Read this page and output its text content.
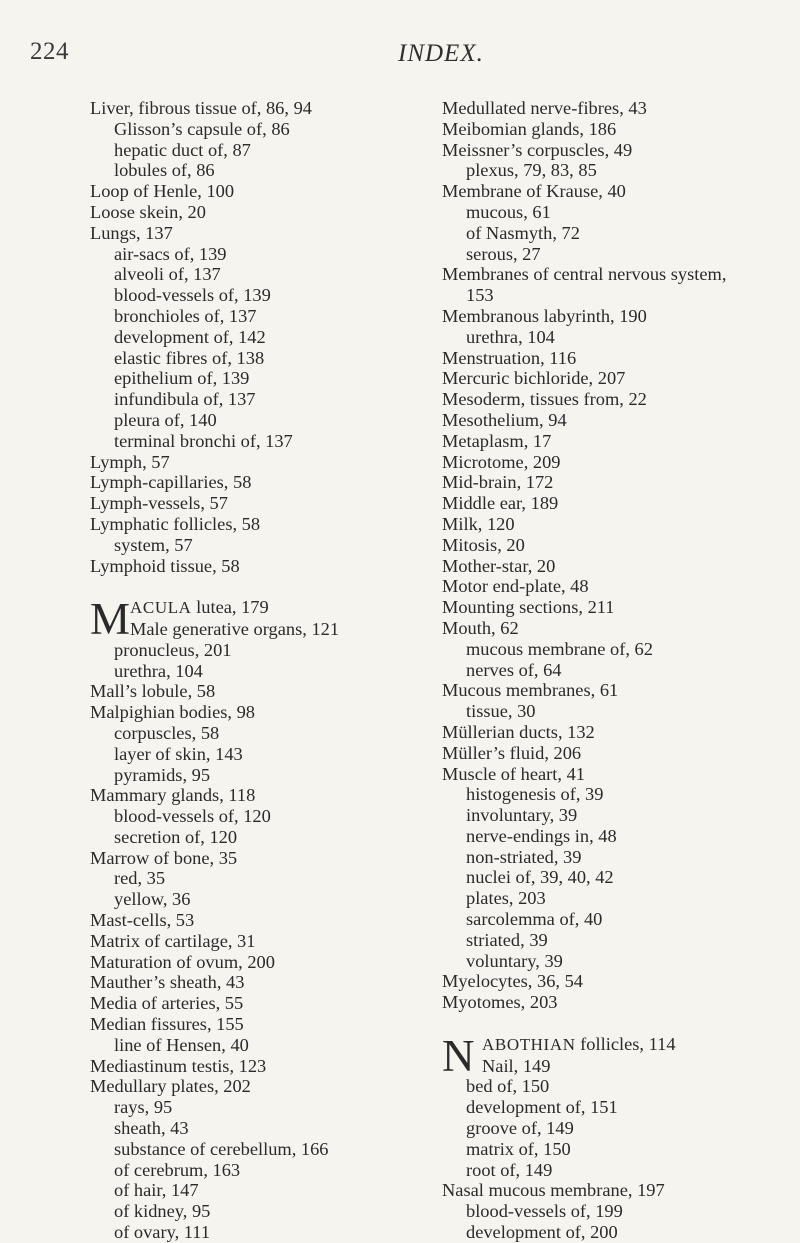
224	INDEX.
Liver, fibrous tissue of, 86, 94
Glisson’s capsule of, 86
hepatic duct of, 87
lobules of, 86
Loop of Henle, 100
Loose skein, 20
Lungs, 137
air-sacs of, 139
alveoli of, 137
blood-vessels of, 139
bronchioles of, 137
development of, 142
elastic fibres of, 138
epithelium of, 139
infundibula of, 137
pleura of, 140
terminal bronchi of, 137
Lymph, 57
Lymph-capillaries, 58
Lymph-vessels, 57
Lymphatic follicles, 58
system, 57
Lymphoid tissue, 58
M ACULA lutea, 179
Male generative organs, 121
pronucleus, 201
urethra, 104
Mall’s lobule, 58
Malpighian bodies, 98
corpuscles, 58
layer of skin, 143
pyramids, 95
Mammary glands, 118
blood-vessels of, 120
secretion of, 120
Marrow of bone, 35
red, 35
yellow, 36
Mast-cells, 53
Matrix of cartilage, 31
Maturation of ovum, 200
Mauther’s sheath, 43
Media of arteries, 55
Median fissures, 155
line of Hensen, 40
Mediastinum testis, 123
Medullary plates, 202
rays, 95
sheath, 43
substance of cerebellum, 166
of cerebrum, 163
of hair, 147
of kidney, 95
of ovary, 111
Medullated nerve-fibres, 43
Meibomian glands, 186
Meissner’s corpuscles, 49
plexus, 79, 83, 85
Membrane of Krause, 40
mucous, 61
of Nasmyth, 72
serous, 27
Membranes of central nervous system,
153
Membranous labyrinth, 190
urethra, 104
Menstruation, 116
Mercuric bichloride, 207
Mesoderm, tissues from, 22
Mesothelium, 94
Metaplasm, 17
Microtome, 209
Mid-brain, 172
Middle ear, 189
Milk, 120
Mitosis, 20
Mother-star, 20
Motor end-plate, 48
Mounting sections, 211
Mouth, 62
mucous membrane of, 62
nerves of, 64
Mucous membranes, 61
tissue, 30
Müllerian ducts, 132
Müller’s fluid, 206
Muscle of heart, 41
histogenesis of, 39
involuntary, 39
nerve-endings in, 48
non-striated, 39
nuclei of, 39, 40, 42
plates, 203
sarcolemma of, 40
striated, 39
voluntary, 39
Myelocytes, 36, 54
Myotomes, 203
N ABOTHIAN follicles, 114
Nail, 149
bed of, 150
development of, 151
groove of, 149
matrix of, 150
root of, 149
Nasal mucous membrane, 197
blood-vessels of, 199
development of, 200
